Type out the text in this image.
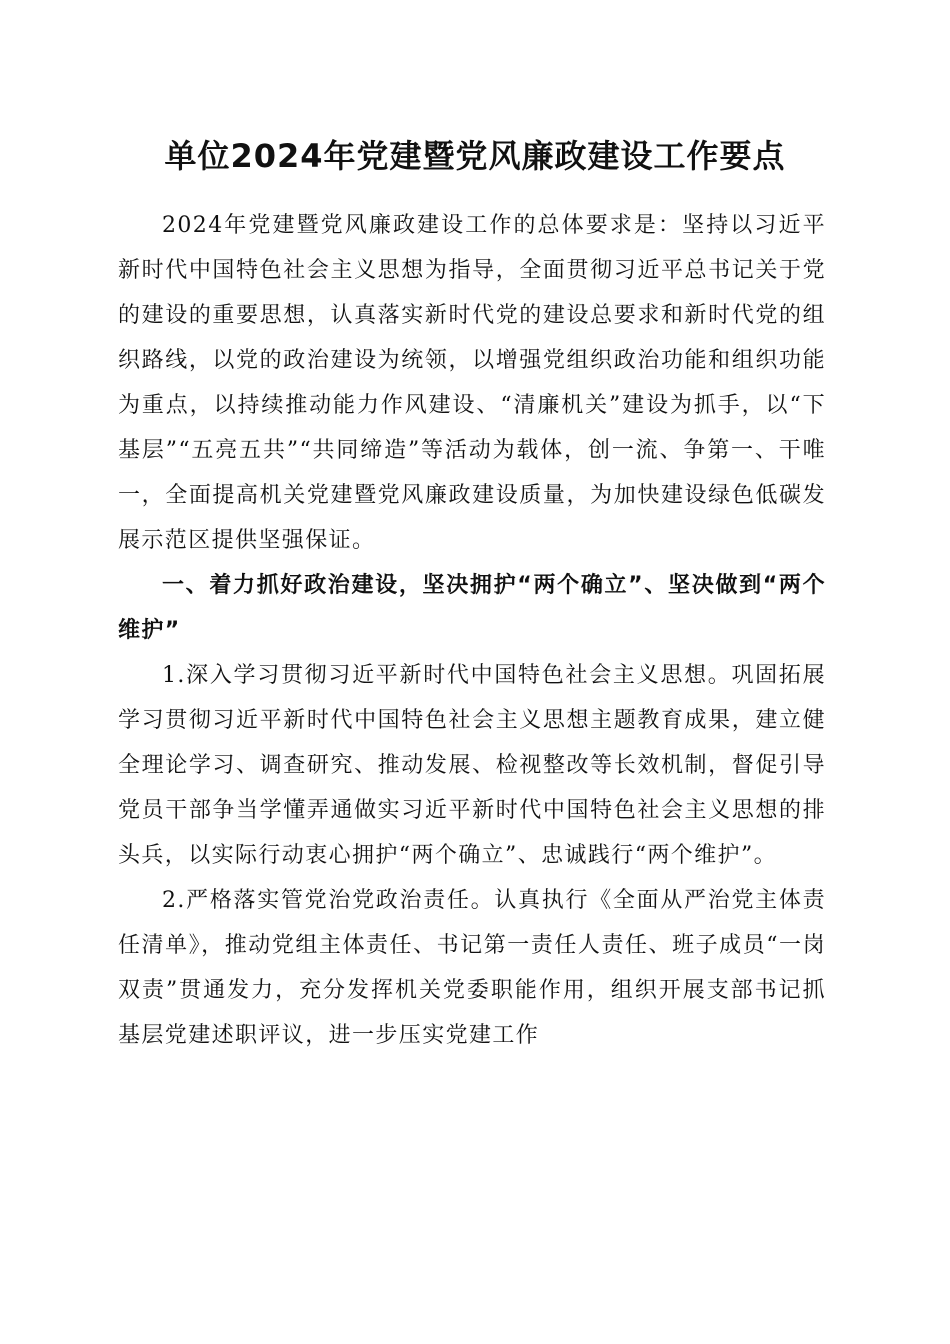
单位2024年党建暨党风廉政建设工作要点

2024年党建暨党风廉政建设工作的总体要求是：坚持以习近平新时代中国特色社会主义思想为指导，全面贯彻习近平总书记关于党的建设的重要思想，认真落实新时代党的建设总要求和新时代党的组织路线，以党的政治建设为统领，以增强党组织政治功能和组织功能为重点，以持续推动能力作风建设、“清廉机关”建设为抓手，以“下基层”“五亮五共”“共同缔造”等活动为载体，创一流、争第一、干唯一，全面提高机关党建暨党风廉政建设质量，为加快建设绿色低碳发展示范区提供坚强保证。

一、着力抓好政治建设，坚决拥护“两个确立”、坚决做到“两个维护”

1.深入学习贯彻习近平新时代中国特色社会主义思想。巩固拓展学习贯彻习近平新时代中国特色社会主义思想主题教育成果，建立健全理论学习、调查研究、推动发展、检视整改等长效机制，督促引导党员干部争当学懂弄通做实习近平新时代中国特色社会主义思想的排头兵，以实际行动衷心拥护“两个确立”、忠诚践行“两个维护”。

2.严格落实管党治党政治责任。认真执行《全面从严治党主体责任清单》，推动党组主体责任、书记第一责任人责任、班子成员“一岗双责”贯通发力，充分发挥机关党委职能作用，组织开展支部书记抓基层党建述职评议，进一步压实党建工作
